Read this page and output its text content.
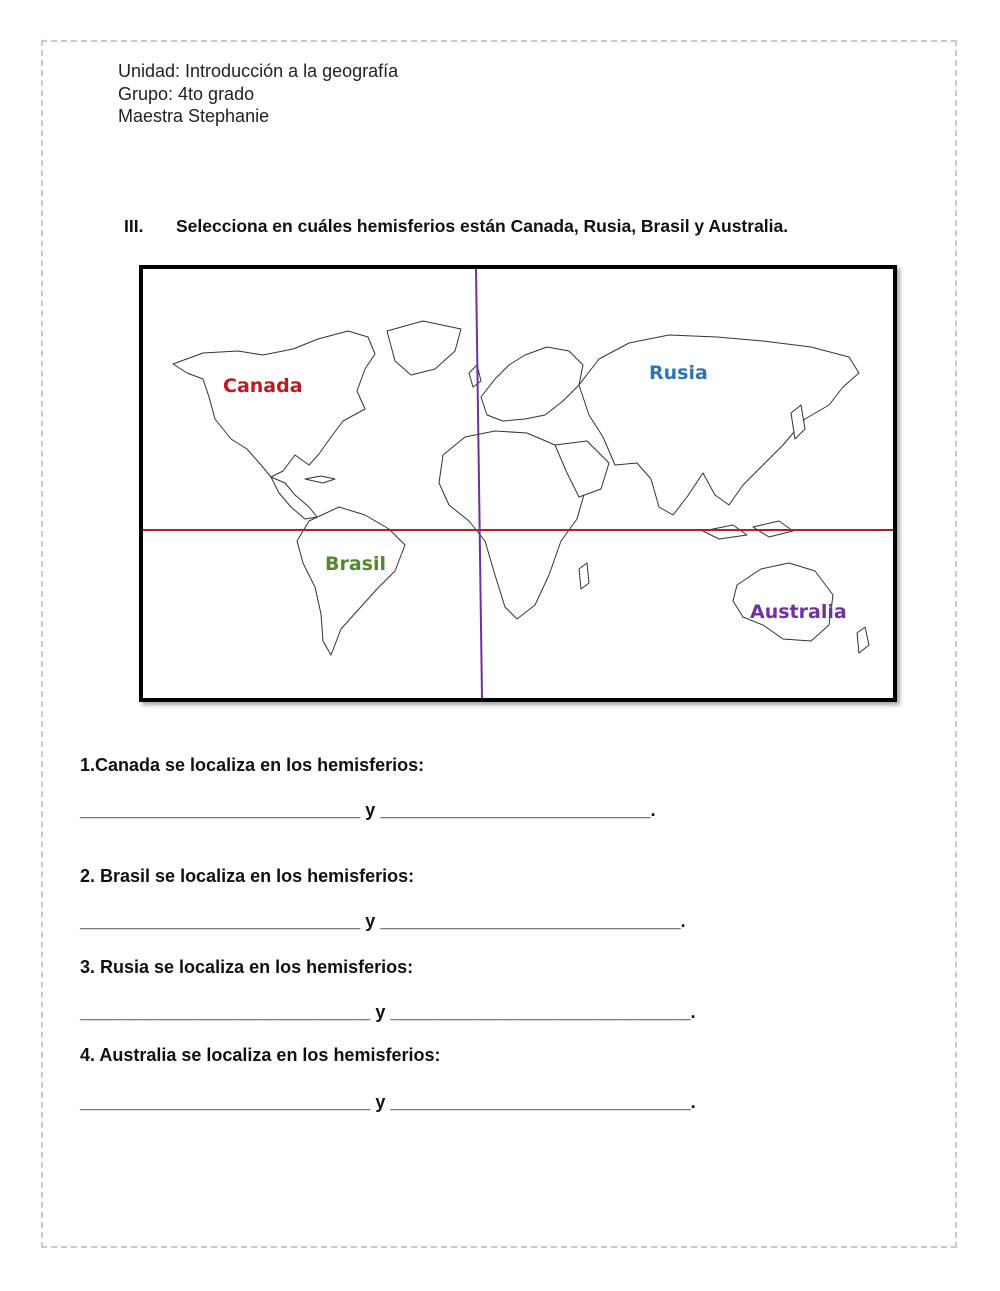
Unidad: Introducción a la geografía
Grupo: 4to grado
Maestra Stephanie
III. Selecciona en cuáles hemisferios están Canada, Rusia, Brasil y Australia.
Canada
Rusia
Brasil
Australia
1.Canada se localiza en los hemisferios:
____________________________ y ___________________________.
2. Brasil se localiza en los hemisferios:
____________________________ y ______________________________.
3. Rusia se localiza en los hemisferios:
_____________________________ y ______________________________.
4. Australia se localiza en los hemisferios:
_____________________________ y ______________________________.
